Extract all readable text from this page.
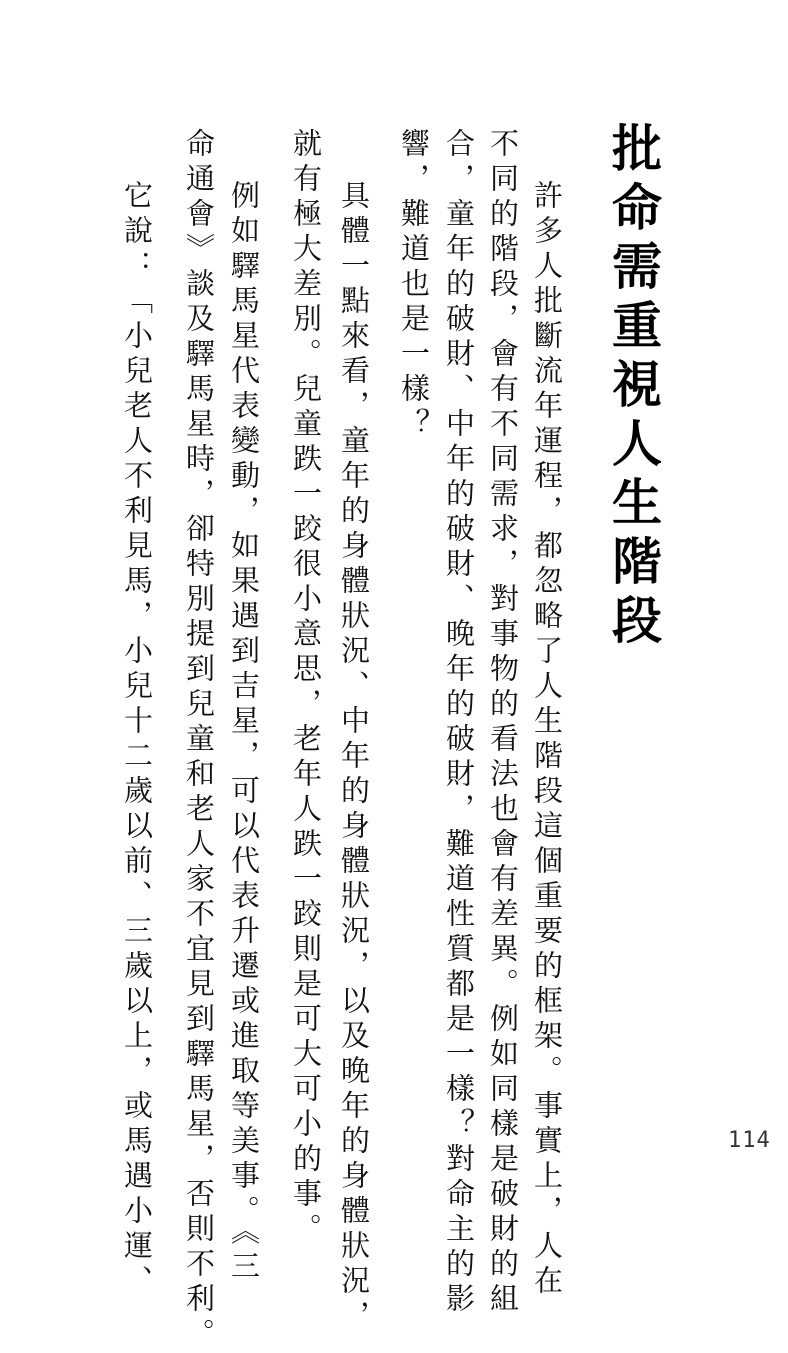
批命需重視人生階段
許多人批斷流年運程，都忽略了人生階段這個重要的框架。事實上，人在
不同的階段，會有不同需求，對事物的看法也會有差異。例如同樣是破財的組
合，童年的破財、中年的破財、晚年的破財，難道性質都是一樣？對命主的影
響，難道也是一樣？
具體一點來看，童年的身體狀況、中年的身體狀況，以及晚年的身體狀況，
就有極大差別。兒童跌一跤很小意思，老年人跌一跤則是可大可小的事。
例如驛馬星代表變動，如果遇到吉星，可以代表升遷或進取等美事。《三
命通會》談及驛馬星時，卻特別提到兒童和老人家不宜見到驛馬星，否則不利。
它說：「小兒老人不利見馬，小兒十二歲以前、三歲以上，或馬遇小運、	114
